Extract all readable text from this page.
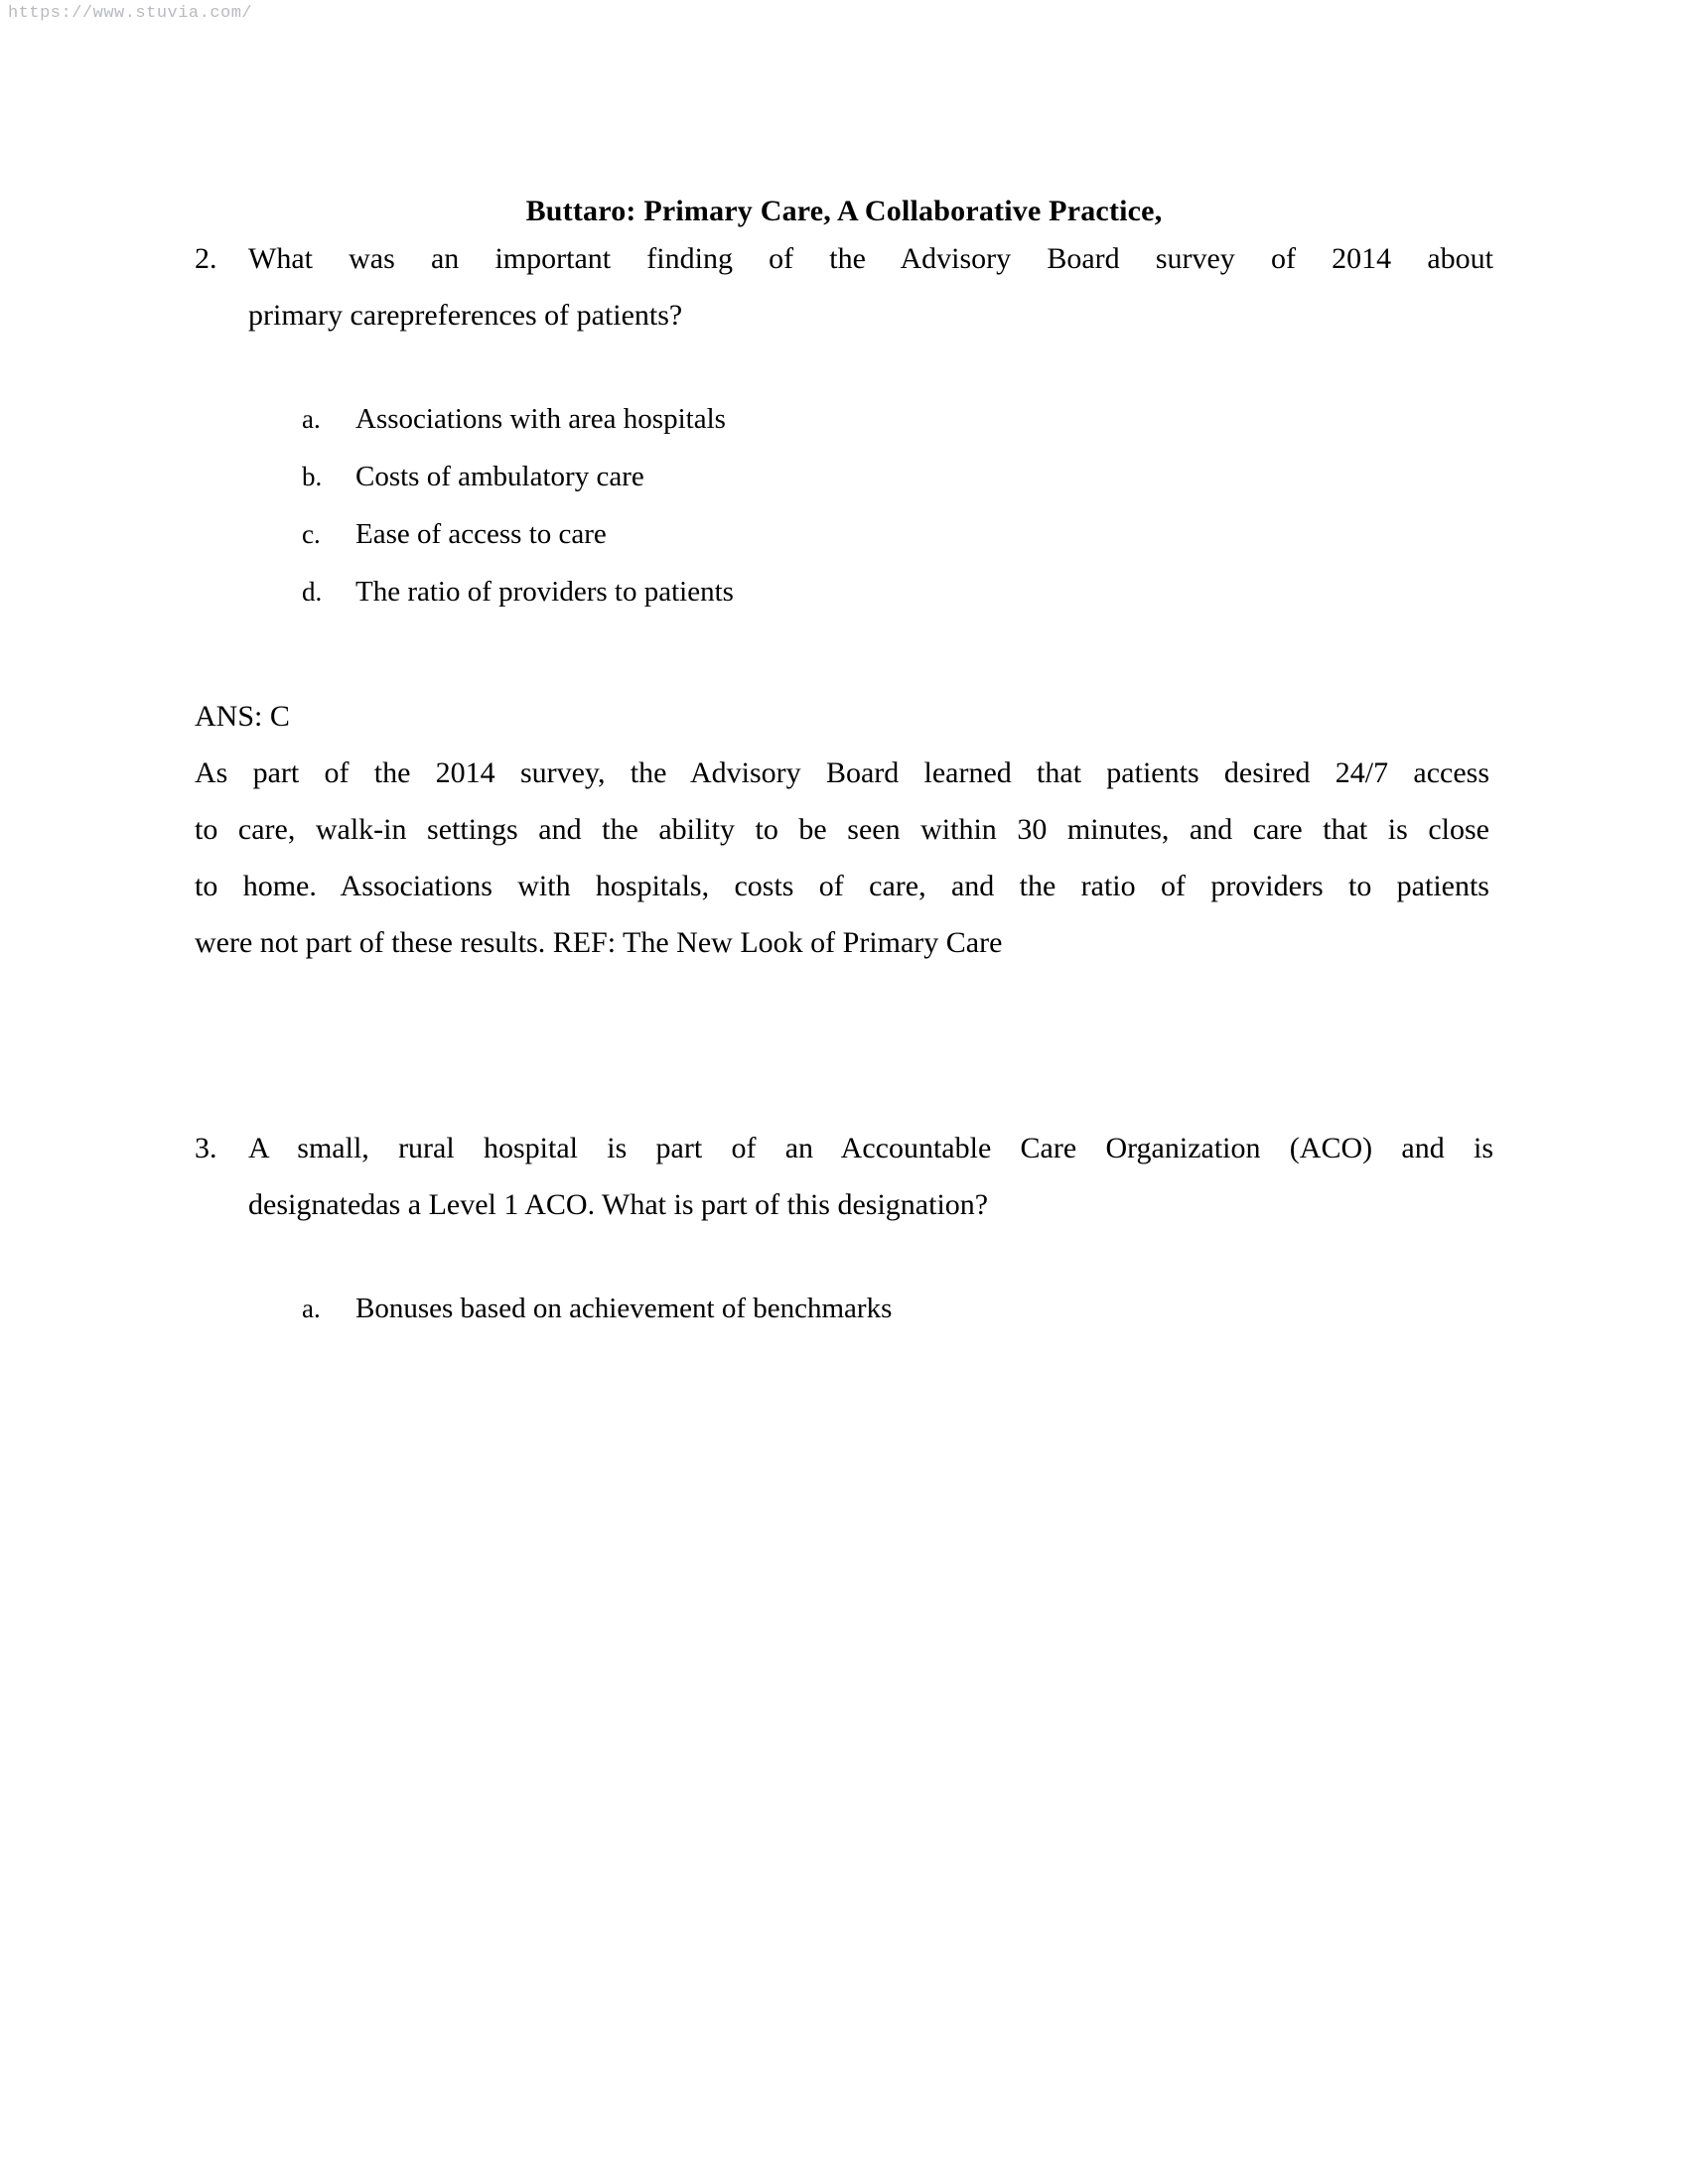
https://www.stuvia.com/
Buttaro: Primary Care, A Collaborative Practice,
2. What was an important finding of the Advisory Board survey of 2014 about
primary carepreferences of patients?
a. Associations with area hospitals
b. Costs of ambulatory care
c. Ease of access to care
d. The ratio of providers to patients
ANS: C
As part of the 2014 survey, the Advisory Board learned that patients desired 24/7 access
to care, walk-in settings and the ability to be seen within 30 minutes, and care that is close
to home. Associations with hospitals, costs of care, and the ratio of providers to patients
were not part of these results. REF: The New Look of Primary Care
3. A small, rural hospital is part of an Accountable Care Organization (ACO) and is
designatedas a Level 1 ACO. What is part of this designation?
a. Bonuses based on achievement of benchmarks
